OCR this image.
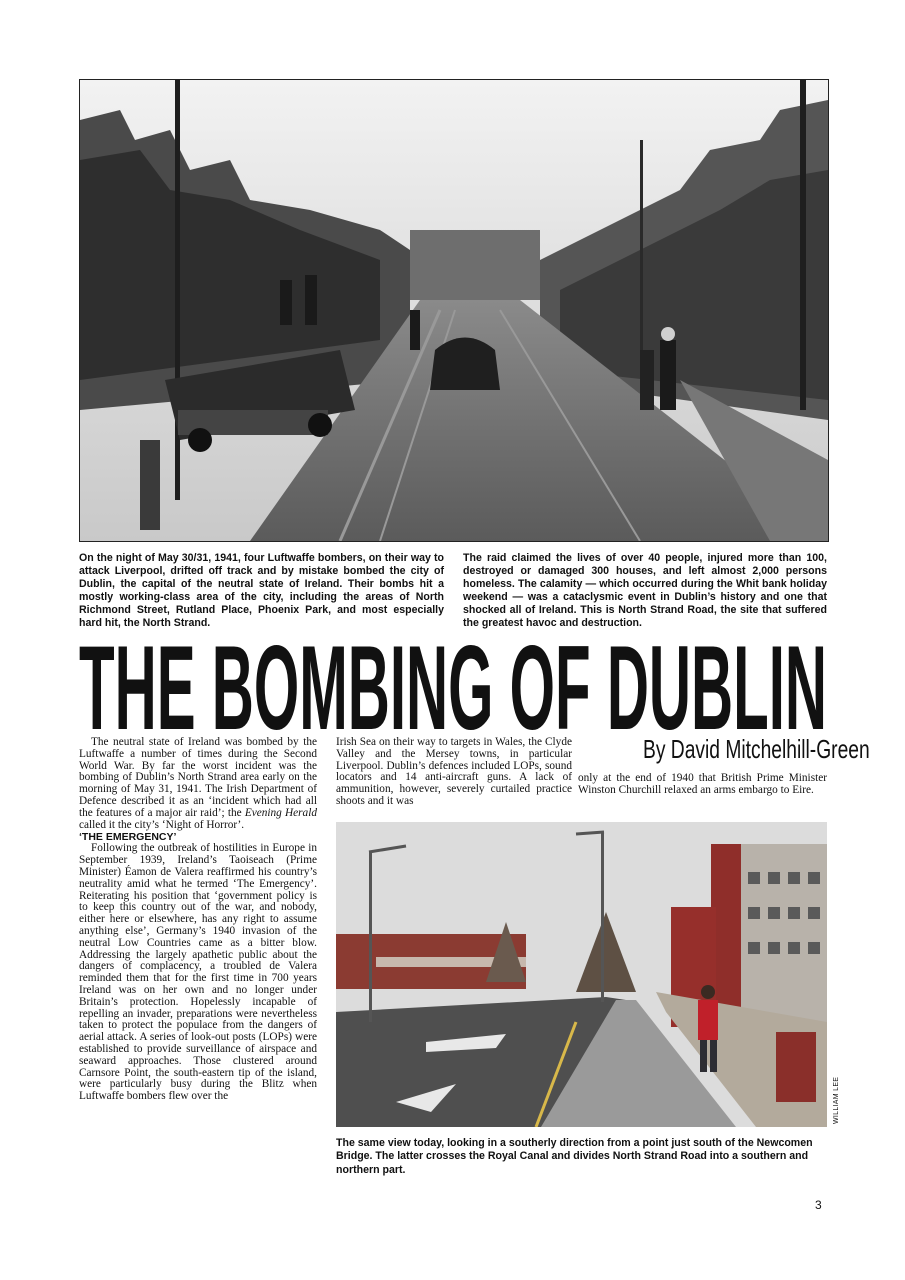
On the night of May 30/31, 1941, four Luftwaffe bombers, on their way to attack Liverpool, drifted off track and by mistake bombed the city of Dublin, the capital of the neutral state of Ireland. Their bombs hit a mostly working-class area of the city, including the areas of North Richmond Street, Rutland Place, Phoenix Park, and most especially hard hit, the North Strand.
The raid claimed the lives of over 40 people, injured more than 100, destroyed or damaged 300 houses, and left almost 2,000 persons homeless. The calamity — which occurred during the Whit bank holiday weekend — was a cataclysmic event in Dublin’s history and one that shocked all of Ireland. This is North Strand Road, the site that suffered the greatest havoc and destruction.
THE BOMBING OF DUBLIN
By David Mitchelhill-Green

The neutral state of Ireland was bombed by the Luftwaffe a number of times during the Second World War. By far the worst incident was the bombing of Dublin’s North Strand area early on the morning of May 31, 1941. The Irish Department of Defence described it as an ‘incident which had all the features of a major air raid’; the Evening Herald called it the city’s ‘Night of Horror’.

‘THE EMERGENCY’

Following the outbreak of hostilities in Europe in September 1939, Ireland’s Taoiseach (Prime Minister) Éamon de Valera reaffirmed his country’s neutrality amid what he termed ‘The Emergency’. Reiterating his position that ‘government policy is to keep this country out of the war, and nobody, either here or elsewhere, has any right to assume anything else’, Germany’s 1940 invasion of the neutral Low Countries came as a bitter blow. Addressing the largely apathetic public about the dangers of complacency, a troubled de Valera reminded them that for the first time in 700 years Ireland was on her own and no longer under Britain’s protection. Hopelessly incapable of repelling an invader, preparations were nevertheless taken to protect the populace from the dangers of aerial attack. A series of look-out posts (LOPs) were established to provide surveillance of airspace and seaward approaches. Those clustered around Carnsore Point, the south-eastern tip of the island, were particularly busy during the Blitz when Luftwaffe bombers flew over the

Irish Sea on their way to targets in Wales, the Clyde Valley and the Mersey towns, in particular Liverpool. Dublin’s defences included LOPs, sound locators and 14 anti-aircraft guns. A lack of ammunition, however, severely curtailed practice shoots and it was

only at the end of 1940 that British Prime Minister Winston Churchill relaxed an arms embargo to Eire.

WILLIAM LEE
The same view today, looking in a southerly direction from a point just south of the Newcomen Bridge. The latter crosses the Royal Canal and divides North Strand Road into a southern and northern part.
3
